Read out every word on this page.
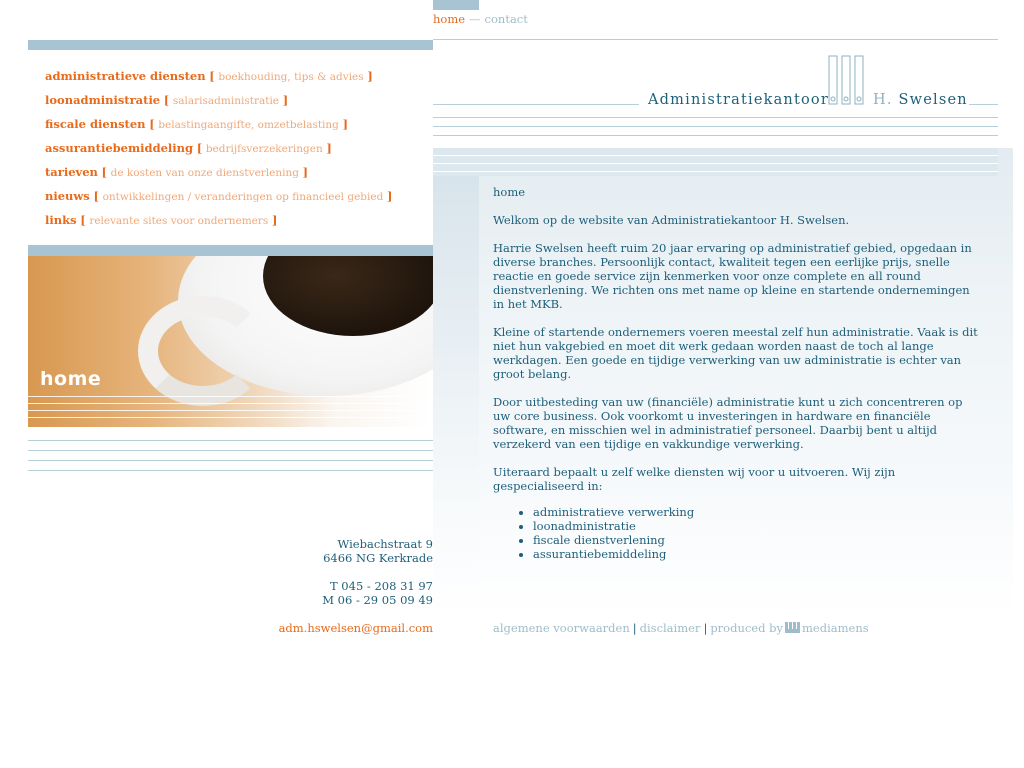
home — contact
administratieve diensten [ boekhouding, tips & advies ]
loonadministratie [ salarisadministratie ]
fiscale diensten [ belastingaangifte, omzetbelasting ]
assurantiebemiddeling [ bedrijfsverzekeringen ]
tarieven [ de kosten van onze dienstverlening ]
nieuws [ ontwikkelingen / veranderingen op financieel gebied ]
links [ relevante sites voor ondernemers ]
home
Wiebachstraat 9
6466 NG Kerkrade
T 045 - 208 31 97
M 06 - 29 05 09 49
adm.hswelsen@gmail.com
Administratiekantoor	H. Swelsen

home

Welkom op de website van Administratiekantoor H. Swelsen.

Harrie Swelsen heeft ruim 20 jaar ervaring op administratief gebied, opgedaan in diverse branches. Persoonlijk contact, kwaliteit tegen een eerlijke prijs, snelle reactie en goede service zijn kenmerken voor onze complete en all round dienstverlening. We richten ons met name op kleine en startende ondernemingen in het MKB.

Kleine of startende ondernemers voeren meestal zelf hun administratie. Vaak is dit niet hun vakgebied en moet dit werk gedaan worden naast de toch al lange werkdagen. Een goede en tijdige verwerking van uw administratie is echter van groot belang.

Door uitbesteding van uw (financiële) administratie kunt u zich concentreren op uw core business. Ook voorkomt u investeringen in hardware en financiële software, en misschien wel in administratief personeel. Daarbij bent u altijd verzekerd van een tijdige en vakkundige verwerking.

Uiteraard bepaalt u zelf welke diensten wij voor u uitvoeren. Wij zijn gespecialiseerd in:

• administratieve verwerking
• loonadministratie
• fiscale dienstverlening
• assurantiebemiddeling
algemene voorwaarden | disclaimer | produced by mediamens
